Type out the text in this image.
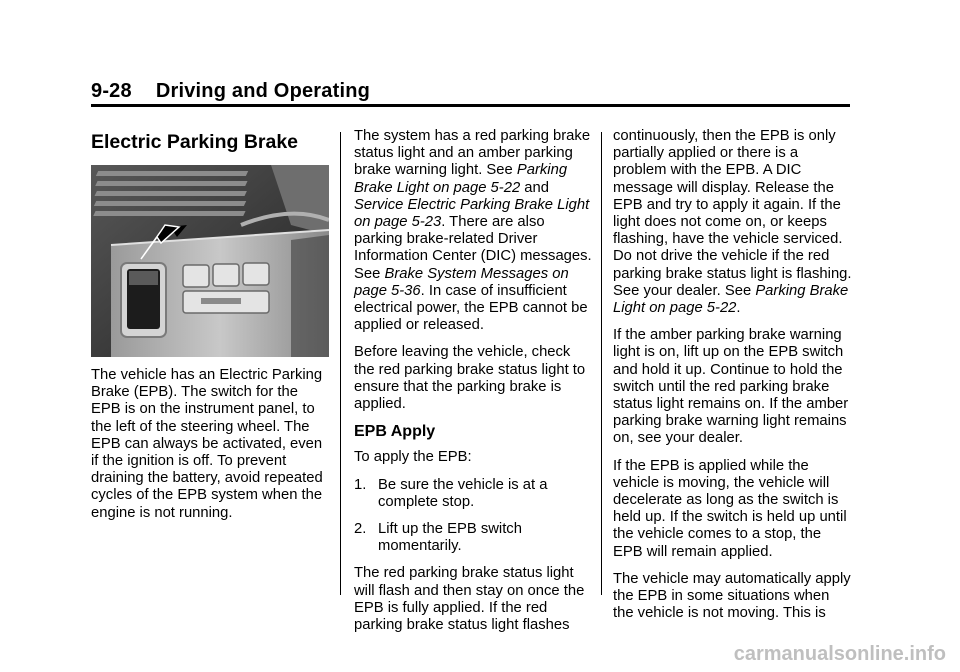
9-28 Driving and Operating
Electric Parking Brake

The vehicle has an Electric Parking Brake (EPB). The switch for the EPB is on the instrument panel, to the left of the steering wheel. The EPB can always be activated, even if the ignition is off. To prevent draining the battery, avoid repeated cycles of the EPB system when the engine is not running.

The system has a red parking brake status light and an amber parking brake warning light. See Parking Brake Light on page 5-22 and Service Electric Parking Brake Light on page 5-23. There are also parking brake-related Driver Information Center (DIC) messages. See Brake System Messages on page 5-36. In case of insufficient electrical power, the EPB cannot be applied or released.

Before leaving the vehicle, check the red parking brake status light to ensure that the parking brake is applied.

EPB Apply

To apply the EPB:

1. Be sure the vehicle is at a complete stop.
2. Lift up the EPB switch momentarily.

The red parking brake status light will flash and then stay on once the EPB is fully applied. If the red parking brake status light flashes

continuously, then the EPB is only partially applied or there is a problem with the EPB. A DIC message will display. Release the EPB and try to apply it again. If the light does not come on, or keeps flashing, have the vehicle serviced. Do not drive the vehicle if the red parking brake status light is flashing. See your dealer. See Parking Brake Light on page 5-22.

If the amber parking brake warning light is on, lift up on the EPB switch and hold it up. Continue to hold the switch until the red parking brake status light remains on. If the amber parking brake warning light remains on, see your dealer.

If the EPB is applied while the vehicle is moving, the vehicle will decelerate as long as the switch is held up. If the switch is held up until the vehicle comes to a stop, the EPB will remain applied.

The vehicle may automatically apply the EPB in some situations when the vehicle is not moving. This is

carmanualsonline.info
